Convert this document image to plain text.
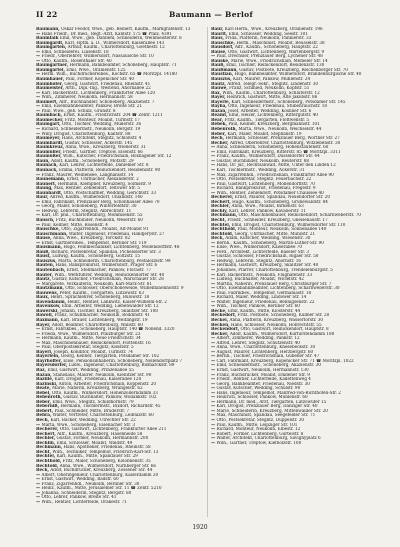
II 22	Baumann — Berlof
Baumann, Oskar Feodor, Wwe., geb. Reinert, Kaufm., Markgrafenstr. 13
— Hans Friedr., Dr. med., Regt.-Arzt, Kantstr. 175 ☎ Pfalz. 4391
Baumfalk Emil, Wwe., geb. Dannehl, Schneiderin, Weinmeisterstr. 8
Baumgardt, Karl, Hptm. a. D., Wilmersdorf, Kaiserallee 143
Baumgarten, Arthur, Kaufm., Charlottenburg, Goethestr. 12
— Emil, Schneiderei, Luisenstr. 18
— Friedr., Oberlehrer, Wilmersdorf, Nassauische Str. 10
— Otto, Kaufm., Rosenthaler Str. 40
Baumgartner, Hermann, Bankbeamter, Schöneberg, Hauptstr. 71
Baumgärtel, Emil, Wwe., Oranienstr. 125
— Herm. Wilh., Buchdruckereibes., Kochstr. 65 ☎ Moritzpl. 14180
Baumhauer, Paul, Former, Köpenicker Str. 40
Baumhöfer, Georg, Gastwirt, Friedenau, Rheinstr. 41
Baumeister, Arth., Dipl.-Ing., Westend, Ahornallee 22
— Karl, Bäckermstr., Lichtenberg, Frankfurter Allee 120
— Wilh., Zimmerer, Neukölln, Hermannstr. 58
Baumert, Alfr., Buchhändler, Schöneberg, Akazienstr. 7
— Emil, Eisenbahnbeamter, Pankow, Breite Str. 21
— Paul, Wwe., geb. Schulz, Grünstr. 8
Baumbach, Ernst, Kaufm., Friedrichstr. 204 ☎ Zentr. 1211
Baumecker, Fritz, Monteur, Moabit, Turmstr. 17
Baumgart, Otto, Tischler, Wedding, Müllerstr. 36
— Richard, Schneidermstr., Neukölln, Bergstr. 19
— Willy, Drogist, Charlottenburg, Kantstr. 88
Baumeyer, Hans, Architekt, Steglitz, Schloßstr. 4
Baumhardt, Gustav, Schlosser, Ackerstr. 145
Baumkreuz, Anna, Wwe., Kreuzberg, Wienerstr. 31
Baumüller, Friedr., Gärtner, Treptow, Elsenstr. 66
Baumüßer, Wilh., Kutscher, Friedrichshain, Boxhagener Str. 12
Baun, Adolf, Kaufm., Schöneberg, Motzstr. 29
Baunach, Karl, Lehrer, Lichterfelde, Dahlemer Str. 8
Baunack, Emma, Plätterin, Reinickendorf, Residenzstr. 90
— Franz, Maurer, Weißensee, Langhansstr. 14
Baunemann, Ernst, Uhrmacher, Alexanderstr. 2
Baunert, Hermann, Klempner, Kreuzberg, Solmsstr. 9
Baung, Max, Rentier, Zehlendorf, Teltower Str. 5
Baunhardt, Otto, Postschaffner, Wedding, Gerichtstr. 33
Baur, Alfred, Kaufm., Wilmersdorf, Uhlandstr. 140
— Emil, Fabrikant, Prenzlauer Berg, Schönhauser Allee 70
— Georg, Maler, Schöneberg, Winterfeldtstr. 30
— Hedwig, Lehrerin, Steglitz, Albrechtstr. 11
— Karl, Dr. phil., Charlottenburg, Mommsenstr. 55
Bausch, Fritz, Buchbinder, Neukölln, Weserstr. 60
— Paul, Kellner, Mitte, Rosenstr. 4
Bauschke, Otto, Zigarrenhdl., Moabit, Alt-Moabit 91
Bauschmann, Walter, Ingenieur, Friedenau, Handjerystr. 27
Bause, Anna, Wwe., Kreuzberg, Yorckstr. 82
— Ernst, Gärtnereibes., Tempelhof, Berliner Str. 119
Bausmann, Hugo, Feinmechaniker, Lichtenberg, Möllendorffstr. 48
Bauß, Richard, Postsekretär, Spandau, Pichelsdorfer Str. 3
Baust, Ludwig, Kaufm., Schöneberg, Goltzstr. 15
Bauszus, Marta, Schneiderin, Charlottenburg, Pestalozzistr. 99
Bauten, Hans, Bankprokurist, Wilmersdorf, Prager Str. 6
Bautenbach, Ernst, Stellmacher, Pankow, Florastr. 77
Bauter, Wilh., Werkführer, Wedding, Reinickendorfer Str. 40
Bautz, Gustav, Kutscher, Friedrichshain, Warschauer Str. 28
— Margarete, Verkäuferin, Neukölln, Karl-Marx-Str. 81
Bautzmann, Otto, Schlosser, Oberschöneweide, Wilhelminenhofstr. 9
Bauwens, Peter, Kaufm., Tiergarten, Lützowstr. 63
Baux, Henri, Sprachlehrer, Schöneberg, Bülowstr. 18
Bavendamm, Heinr., Rentier, Lankwitz, Kaiser-Wilhelm-Str. 2
Bavenkow, Emil, Arbeiter, Wedding, Liebenwalder Str. 12
Bawerski, Johann, Tischler, Kreuzberg, Skalitzer Str. 108
Bawoll, Franz, Schuhmacher, Neukölln, Boddinstr. 41
Baxmann, Karl, Brauer, Lichtenberg, Weitlingstr. 19
Bayer, Adolf, Beamter, Charlottenburg, Wallstr. 60
— Ernst, Fabrikbes., Schöneberg, Hauptstr. 140 ☎ Nollend. 3320
— Frieda, Wwe., Wilmersdorf, Pfalzburger Str. 23
— Hermann, Kaufm., Mitte, Neue Friedrichstr. 34
— Max, Maschinenbauer, Reinickendorf, Flottenstr. 16
— Paul, Oberpostsekretär, Steglitz, Kleiststr. 5
Bayerl, Joseph, Konditor, Moabit, Turmstr. 74
Bayerlein, Georg, Kellner, Tiergarten, Potsdamer Str. 102
Bayrhoffer, Elise, Pensionsinhaberin, Schöneberg, Nollendorfplatz 7
Bayersdorfer, Ludw., Ingenieur, Charlottenburg, Bismarckstr. 89
Baz, Emil, Gastwirt, Wedding, Prinzenallee 55
Bazan, Stanislaus, Maurer, Neukölln, Kienitzer Str. 90
Bazille, Karl, Drogist, Friedenau, Kaiserallee 120
Bazinski, Anton, Arbeiter, Friedrichshain, Koppenstr. 20
Beate, Marie, Näherin, Kreuzberg, Wrangelstr. 62
Bebel, Otto, Kaufm., Wilmersdorf, Hohenzollerndamm 33
Bebenroth, Gustav, Buchhalter, Pankow, Wollankstr. 102
Beber, Emil, Wwe., Steglitz, Schildhornstr. 79
Beberniß, Hermann, Tischlermstr., Rixdorf, Richardstr. 45
Bebert, Paul, Schneider, Mitte, Brüderstr. 7
Bebra, Walter, Vertreter, Charlottenburg, Leibnizstr. 60
Bech, Karl, Bäcker, Wedding, Utrechter Str. 22
— Marta, Wwe., Schöneberg, Eisenacher Str. 3
Becherer, Otto, Gastwirt, Lichtenberg, Frankfurter Allee 211
Bechert, Alfr., Kaufm., Kreuzberg, Hasenheide 58
Bechler, Gustav, Former, Neukölln, Hermannstr. 200
Bechlin, Emil, Schlosser, Moabit, Waldstr. 49
Bechmann, Hans, Apotheker, Friedenau, Rheinstr. 58
Becht, Wilh., Techniker, Tempelhof, Friedrich-Karl-Str. 13
Bechtel, Karl, Kaufm., Mitte, Spandauer Str. 29
Bechthold, Fritz, Maler, Schöneberg, Kolonnenstr. 35
Bechtold, Anna, Wwe., Wilmersdorf, Nürnberger Str. 66
Beck, Adolf, Buchdrucker, Kreuzberg, Zossener Str. 44
— Albert, Oberingenieur, Charlottenburg, Kaiserdamm 20
— Ernst, Gastwirt, Wedding, Badstr. 60
— Franz, Zigarrenhdl., Neukölln, Berliner Str. 30
— Heinr., Kaufm., Mitte, Jerusalemer Str. 11 ☎ Zentr. 5210
— Johanna, Schneiderin, Steglitz, Bergstr. 80
— Otto, Lehrer, Pankow, Breite Str. 41
— Wilh., Rentier, Lichterfelde, Drakestr. 71
Baur, Karl Herm., Wwe., Kreuzberg, Oranienstr. 196
Baurit, Emil, Schlosser, Wedding, Seestr. 101
Baus, Frida, Plätterin, Neukölln, Pannierstr. 33
Bauschke, Herm., Maschinist, Moabit, Beusselstr. 38
Bausdorf, Alfr., Kaufm., Schöneberg, Hauptstr. 22
Bause, Otto, Gastwirt, Lichtenberg, Wartenbergstr. 9
— Paul, Drechsler, Prenzlauer Berg, Lychener Str. 48
Bauske, Marie, Wwe., Friedrichshain, Memeler Str. 14
Bauß, Emil, Tischler, Reinickendorf, Residenzstr. 130
Baußmann, Gustav, Postbote, Kreuzberg, Reichenberger Str. 70
Baustian, Hugo, Bankbeamter, Wilmersdorf, Brandenburgische Str. 40
Bauszus, Karl, Maurer, Pankow, Mühlenstr. 24
Bautz, Alfred, Telegr.-Sekr., Steglitz, Lindenstr. 30
Bauwe, Franz, Schmied, Neukölln, Kopfstr. 51
Bax, Wilh., Kaufm., Charlottenburg, Schlüterstr. 12
Bayer, Heinrich, Gastwirt, Mitte, Alte Jakobstr. 86
Bayerle, Karl, Schneidermstr., Schöneberg, Potsdamer Str. 145
Bayha, Otto, Ingenieur, Friedenau, Stubenrauchstr. 18
Bazan, Josef, Arbeiter, Wedding, Kösliner Str. 6
Beamt, Emil, Heizer, Lichtenberg, Rittergutstr. 40
Bear, Fritz, Kaufm., Tiergarten, Flottwellstr. 5
Bebek, Paul, Kellner, Kreuzberg, Bergmannstr. 101
Bebenroth, Marta, Wwe., Neukölln, Weichselstr. 44
Beber, Karl, Maler, Moabit, Stephanstr. 19
Bech, Hermann, Schlosser, Prenzlauer Berg, Wörther Str. 27
Becher, Alfred, Oberlehrer, Charlottenburg, Witzlebenstr. 30
— Anna, Schneiderin, Schöneberg, Hohenstaufenstr. 60
— Emil, Fabrikant, Kreuzberg, Ritterstr. 85 ☎ Moritzpl. 3311
— Franz, Kaufm., Wilmersdorf, Düsseldorfer Str. 44
— Gustav, Buchbinder, Neukölln, Reuterstr. 88
— Hans, Dr. jur., Rechtsanwalt, Mitte, Unter den Linden 12
— Karl, Tischlermstr., Wedding, Ackerstr. 31
— Max, Zigarrenhdl., Friedrichshain, Frankfurter Allee 90
— Otto, Postsekretär, Steglitz, Feuerbachstr. 22
— Paul, Gastwirt, Lichtenberg, Möllendorffstr. 70
— Richard, Bankprokurist, Friedenau, Fregestr. 9
— Wilh., Rentier, Zehlendorf, Potsdamer Chaussee 40
Becherer, Ernst, Maurer, Spandau, Neuendorfer Str. 20
Bechert, Hugo, Kaufm., Schöneberg, Grunewaldstr. 84
Bechler, Anna, Wwe., Moabit, Birkenstr. 63
Bechly, Karl, Lehrer, Pankow, Kavalierstr. 11
Bechmann, Otto, Maschinenbauer, Reinickendorf, Scharnweberstr. 70
Becht, Friedr., Schneider, Kreuzberg, Gneisenaustr. 17
Bechtel, Emil, Drogist, Charlottenburg, Wilmersdorfer Str. 110
Bechthold, Paul, Monteur, Neukölln, Sonnenallee 140
Bechtold, Georg, Uhrmacher, Mitte, Münzstr. 21
Beck, Adam, Kutscher, Wedding, Wiesenstr. 30
— Bernh., Kaufm., Schöneberg, Martin-Luther-Str. 90
— Elise, Wwe., Wilmersdorf, Kaiserallee 70
— Ferd., Architekt, Lichterfelde, Baseler Str. 3
— Gustav, Schlosser, Friedrichshain, Rigaer Str. 50
— Hedwig, Lehrerin, Steglitz, Ahornstr. 16
— Hermann, Gastwirt, Kreuzberg, Skalitzer Str. 40
— Johannes, Pfarrer, Charlottenburg, Trendelenburgstr. 5
— Karl, Bäckermstr., Neukölln, Flughafenstr. 33
— Ludwig, Buchhalter, Moabit, Wiclefstr. 42
— Martha, Näherin, Prenzlauer Berg, Christburger Str. 7
— Otto, Eisenbahnbeamter, Lichtenberg, Scharnweberstr. 30
— Paul, Fabrikbes., Tempelhof, Germaniastr. 18
— Richard, Maler, Wedding, Lindower Str. 14
— Walter, Ingenieur, Friedenau, Bennigsenstr. 22
— Wilh., Tischler, Pankow, Berliner Str. 60
Becke, Emil, Kaufm., Mitte, Klosterstr. 44
Beckedorf, Fritz, Postbote, Schöneberg, Kulmer Str. 20
Beckel, Anna, Plätterin, Kreuzberg, Wassertorstr. 30
Becken, Hans, Schlosser, Neukölln, Hobrechtstr. 55
Beckendorf, Otto, Gastwirt, Reinickendorf, Hauptstr. 8
Becker, Adolf, Kaufm., Wilmersdorf, Kurfürstendamm 180
— Albert, Zimmerer, Wedding, Pankstr. 12
— Alfred, Lehrer, Steglitz, Schützenstr. 40
— Anna, Wwe., Charlottenburg, Knesebeckstr. 30
— August, Maurer, Lichtenberg, Herzbergstr. 60
— Bernh., Tischler, Friedrichshain, Gubener Str. 47
— Carl, Fabrikant, Kreuzberg, Köpenicker Str. 71 ☎ Moritzpl. 1022
— Emil, Schneidermstr., Schöneberg, Akazienstr. 30
— Ernst, Gastwirt, Neukölln, Hermannstr. 130
— Franz, Buchdrucker, Moabit, Emdener Str. 9
— Friedr., Rentier, Lichterfelde, Kadettenweg 4
— Georg, Bankbeamter, Friedenau, Niedstr. 30
— Gustav, Kutscher, Wedding, Schulstr. 90
— Hans, Ingenieur, Tempelhof, Manfred-von-Richthofen-Str. 2
— Heinrich, Schlosser, Pankow, Mühlenstr. 60
— Hermann, Dr. med., Arzt, Tiergarten, Lützowufer 15
— Karl, Drogist, Prenzlauer Berg, Danziger Str. 40
— Marie, Schneiderin, Kreuzberg, Mittenwalder Str. 20
— Max, Maschinist, Spandau, Seegefelder Str. 71
— Otto, Postsekretär, Steglitz, Düppelstr. 30
— Paul, Kaufm., Mitte, Leipziger Str. 101
— Richard, Monteur, Neukölln, Elbestr. 12
— Robert, Former, Lichtenberg, Gürtelstr. 8
— Walter, Architekt, Charlottenburg, Savignyplatz 6
— Wilh., Gärtner, Treptow, Kiefholzstr. 100
1920
